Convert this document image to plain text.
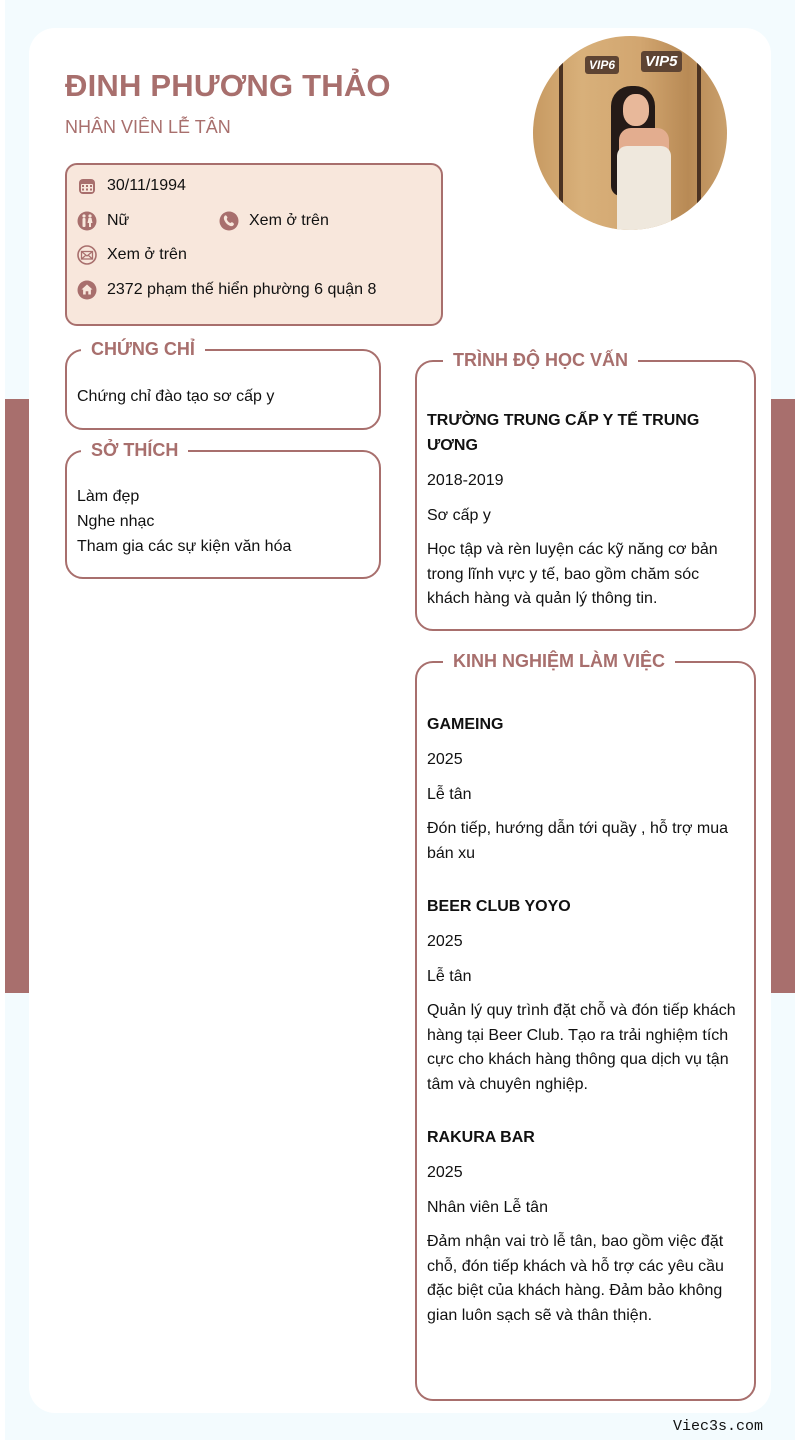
ĐINH PHƯƠNG THẢO
NHÂN VIÊN LỄ TÂN
VIP6 VIP5
30/11/1994
Nữ	Xem ở trên
Xem ở trên
2372 phạm thế hiển phường 6 quận 8
CHỨNG CHỈ
Chứng chỉ đào tạo sơ cấp y
SỞ THÍCH
Làm đẹp
Nghe nhạc
Tham gia các sự kiện văn hóa
TRÌNH ĐỘ HỌC VẤN
TRƯỜNG TRUNG CẤP Y TẾ TRUNG ƯƠNG
2018-2019
Sơ cấp y
Học tập và rèn luyện các kỹ năng cơ bản trong lĩnh vực y tế, bao gồm chăm sóc khách hàng và quản lý thông tin.
KINH NGHIỆM LÀM VIỆC
GAMEING
2025
Lễ tân
Đón tiếp, hướng dẫn tới quầy , hỗ trợ mua bán xu
BEER CLUB YOYO
2025
Lễ tân
Quản lý quy trình đặt chỗ và đón tiếp khách hàng tại Beer Club. Tạo ra trải nghiệm tích cực cho khách hàng thông qua dịch vụ tận tâm và chuyên nghiệp.
RAKURA BAR
2025
Nhân viên Lễ tân
Đảm nhận vai trò lễ tân, bao gồm việc đặt chỗ, đón tiếp khách và hỗ trợ các yêu cầu đặc biệt của khách hàng. Đảm bảo không gian luôn sạch sẽ và thân thiện.
Viec3s.com
